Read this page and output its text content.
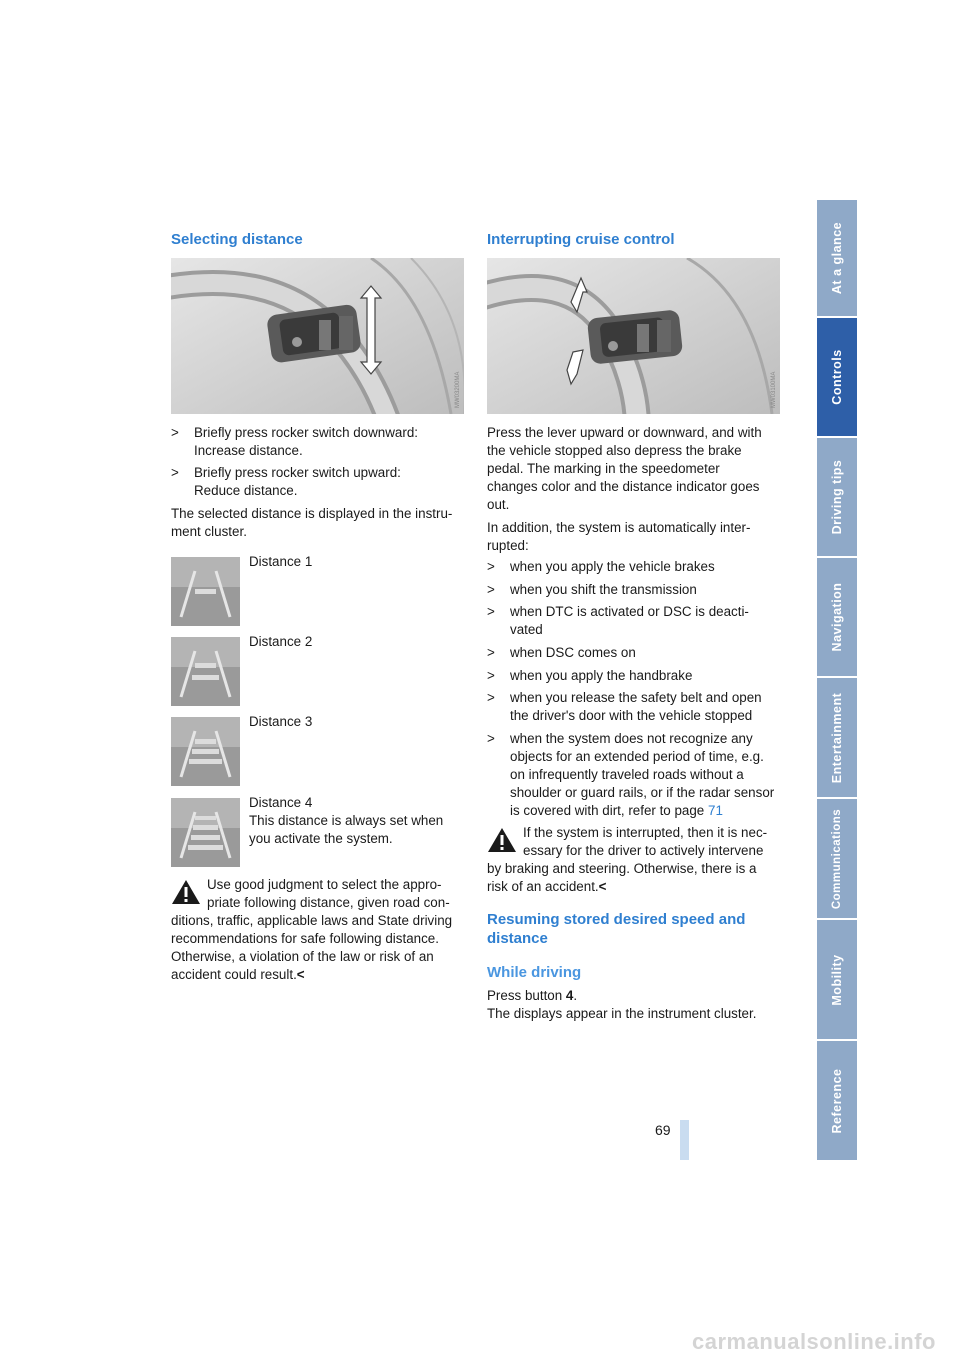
Selecting distance
MW03200MA
> Briefly press rocker switch downward:
Increase distance.
> Briefly press rocker switch upward:
Reduce distance.
The selected distance is displayed in the instru-
ment cluster.
Distance 1
Distance 2
Distance 3
Distance 4
This distance is always set when
you activate the system.
Use good judgment to select the appro-
priate following distance, given road con-
ditions, traffic, applicable laws and State driving
recommendations for safe following distance.
Otherwise, a violation of the law or risk of an
accident could result.<
Interrupting cruise control
MW03100MA
Press the lever upward or downward, and with
the vehicle stopped also depress the brake
pedal. The marking in the speedometer
changes color and the distance indicator goes
out.
In addition, the system is automatically inter-
rupted:
> when you apply the vehicle brakes
> when you shift the transmission
> when DTC is activated or DSC is deacti-
vated
> when DSC comes on
> when you apply the handbrake
> when you release the safety belt and open
the driver's door with the vehicle stopped
> when the system does not recognize any
objects for an extended period of time, e.g.
on infrequently traveled roads without a
shoulder or guard rails, or if the radar sensor
is covered with dirt, refer to page 71
If the system is interrupted, then it is nec-
essary for the driver to actively intervene
by braking and steering. Otherwise, there is a
risk of an accident.<
Resuming stored desired speed and
distance
While driving
Press button 4.
The displays appear in the instrument cluster.
69
At a glance
Controls
Driving tips
Navigation
Entertainment
Communications
Mobility
Reference
carmanualsonline.info
